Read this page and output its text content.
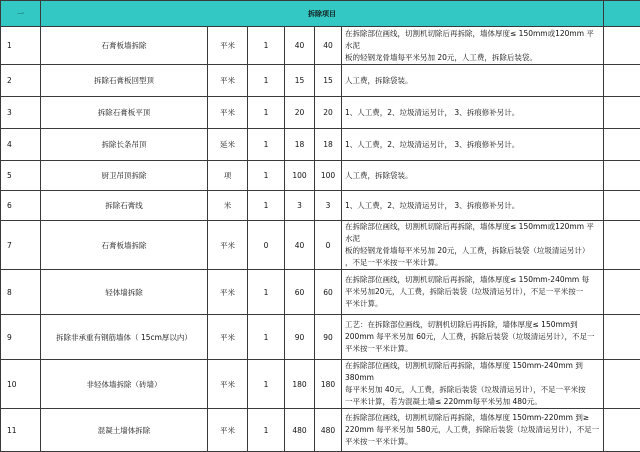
一	拆除项目						
1	石膏板墙拆除	平米	1	40	40	在拆除部位画线，切割机切除后再拆除，墙体厚度≤ 150mm或120mm 平水泥
板的轻钢龙骨墙每平米另加 20元，人工费，拆除后装袋。	

2	拆除石膏板回型顶	平米	1	15	15	人工费，拆除袋装。	

3	拆除石膏板平顶	平米	1	20	20	1、人工费，2、垃圾清运另计， 3、拆痕修补另计。	

4	拆除长条吊顶	延米	1	18	18	1、人工费，2、垃圾清运另计， 3、拆痕修补另计。	

5	厨卫吊顶拆除	项	1	100	100	人工费，拆除袋装。	

6	拆除石膏线	米	1	3	3	1、人工费，2、垃圾清运另计， 3、拆痕修补另计。	

7	石膏板墙拆除	平米	0	40	0	在拆除部位画线，切割机切除后再拆除，墙体厚度≤ 150mm或120mm 平水泥
板的轻钢龙骨墙每平米另加 20元，人工费，拆除后装袋（垃圾清运另计）
，不足一平米按一平米计算。	

8	轻体墙拆除	平米	1	60	60	在拆除部位画线，切割机切除后再拆除，墙体厚度≤ 150mm-240mm 每
平米另加20元，人工费，拆除后装袋（垃圾清运另计），不足一平米按一
平米计算。	

9	拆除非承重有钢筋墙体（ 15cm厚以内）	平米	1	90	90	工艺：在拆除部位画线，切割机切除后再拆除，墙体厚度≤ 150mm到
200mm 每平米另加 60元，人工费，拆除后装袋（垃圾清运另计），不足一
平米按一平米计算。	

10	非轻体墙拆除（砖墙）	平米	1	180	180	在拆除部位画线，切割机切除后再拆除，墙体厚度 150mm-240mm 到380mm
每平米另加 40元，人工费，拆除后装袋（垃圾清运另计），不足一平米按
一平米计算，若为混凝土墙≤ 220mm每平米另加 480元。	

11	混凝土墙体拆除	平米	1	480	480	在拆除部位画线，切割机切除后再拆除，墙体厚度 150mm-220mm 到≥
220mm 每平米另加 580元，人工费，拆除后装袋（垃圾清运另计），不足一
平米按一平米计算。	
